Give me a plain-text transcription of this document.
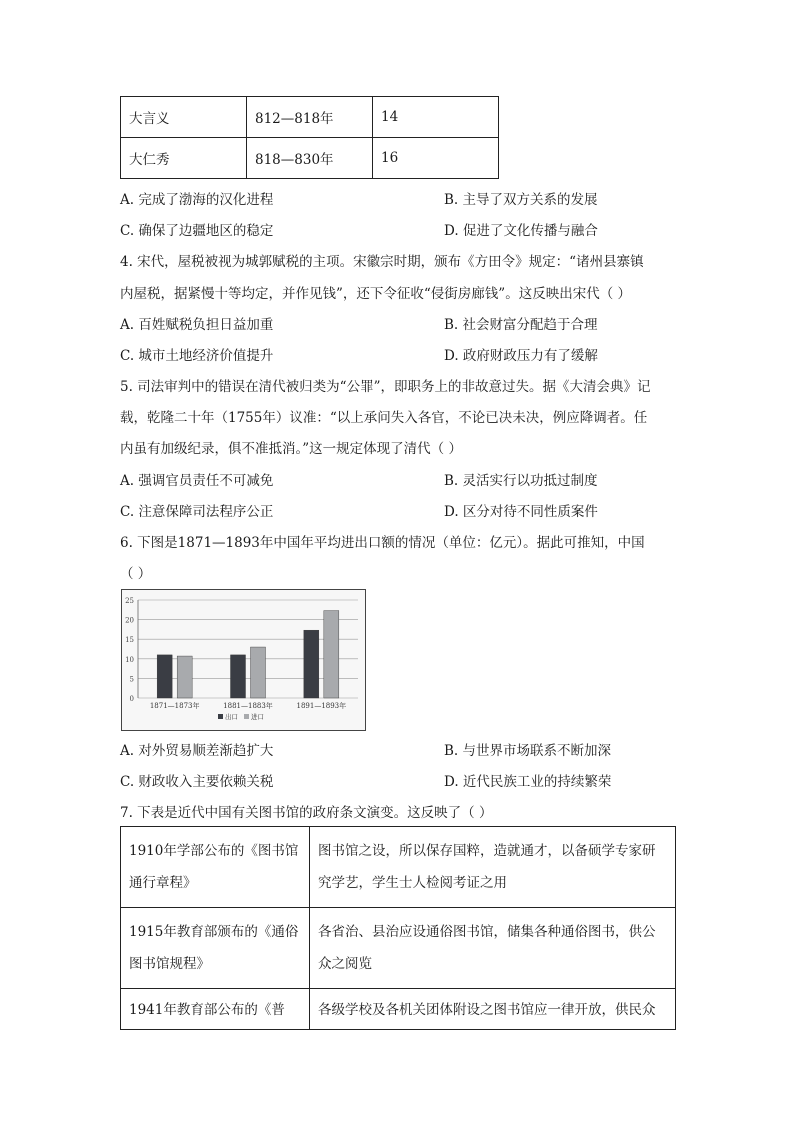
大言义	812—818年	14
大仁秀	818—830年	16
A. 完成了渤海的汉化进程	B. 主导了双方关系的发展
C. 确保了边疆地区的稳定	D. 促进了文化传播与融合
4. 宋代，屋税被视为城郭赋税的主项。宋徽宗时期，颁布《方田令》规定：“诸州县寨镇
内屋税，据紧慢十等均定，并作见钱”，还下令征收“侵街房廊钱”。这反映出宋代（ ）
A. 百姓赋税负担日益加重	B. 社会财富分配趋于合理
C. 城市土地经济价值提升	D. 政府财政压力有了缓解
5. 司法审判中的错误在清代被归类为“公罪”，即职务上的非故意过失。据《大清会典》记
载，乾隆二十年（1755年）议准：“以上承问失入各官，不论已决未决，例应降调者。任
内虽有加级纪录，俱不准抵消。”这一规定体现了清代（ ）
A. 强调官员责任不可减免	B. 灵活实行以功抵过制度
C. 注意保障司法程序公正	D. 区分对待不同性质案件
6. 下图是1871—1893年中国年平均进出口额的情况（单位：亿元）。据此可推知，中国
（ ）
0
5
10
15
20
25
1871—1873年	1881—1883年	1891—1893年
出口 进口
A. 对外贸易顺差渐趋扩大	B. 与世界市场联系不断加深
C. 财政收入主要依赖关税	D. 近代民族工业的持续繁荣
7. 下表是近代中国有关图书馆的政府条文演变。这反映了（ ）
1910年学部公布的《图书馆通行章程》	图书馆之设，所以保存国粹，造就通才，以备硕学专家研究学艺，学生士人检阅考证之用
1915年教育部颁布的《通俗图书馆规程》	各省治、县治应设通俗图书馆，储集各种通俗图书，供公众之阅览
1941年教育部公布的《普	各级学校及各机关团体附设之图书馆应一律开放，供民众
